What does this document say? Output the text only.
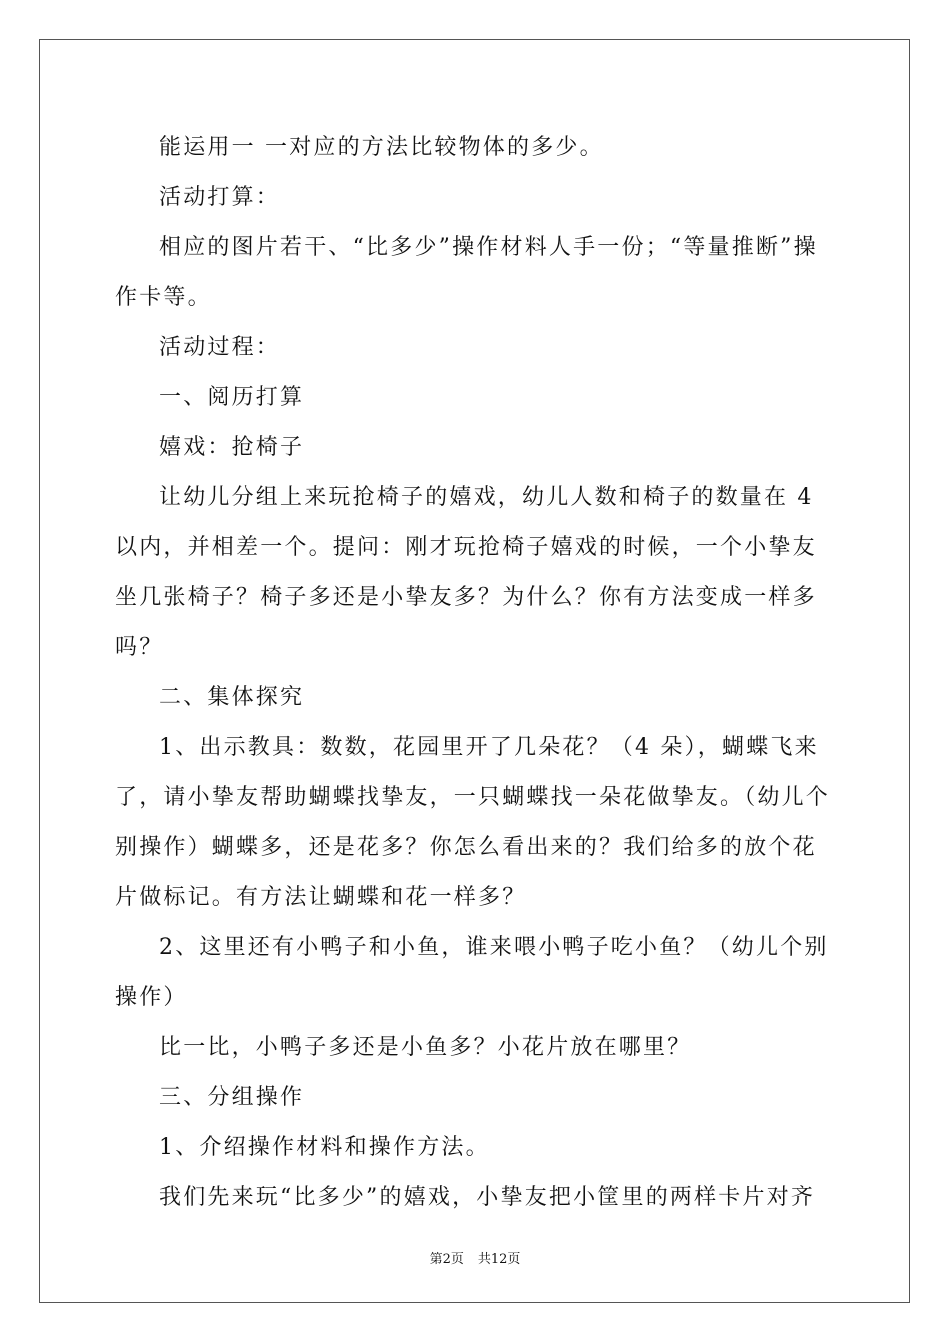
能运用一 一对应的方法比较物体的多少。

活动打算：

相应的图片若干、“比多少”操作材料人手一份；“等量推断”操作卡等。

活动过程：

一、阅历打算

嬉戏：抢椅子

让幼儿分组上来玩抢椅子的嬉戏，幼儿人数和椅子的数量在 4 以内，并相差一个。提问：刚才玩抢椅子嬉戏的时候，一个小挚友坐几张椅子？椅子多还是小挚友多？为什么？你有方法变成一样多吗？

二、集体探究

1、出示教具：数数，花园里开了几朵花？（4 朵），蝴蝶飞来了，请小挚友帮助蝴蝶找挚友，一只蝴蝶找一朵花做挚友。（幼儿个别操作）蝴蝶多，还是花多？你怎么看出来的？我们给多的放个花片做标记。有方法让蝴蝶和花一样多？

2、这里还有小鸭子和小鱼，谁来喂小鸭子吃小鱼？（幼儿个别操作）

比一比，小鸭子多还是小鱼多？小花片放在哪里？

三、分组操作

1、介绍操作材料和操作方法。

我们先来玩“比多少”的嬉戏，小挚友把小筐里的两样卡片对齐

第2页 共12页
